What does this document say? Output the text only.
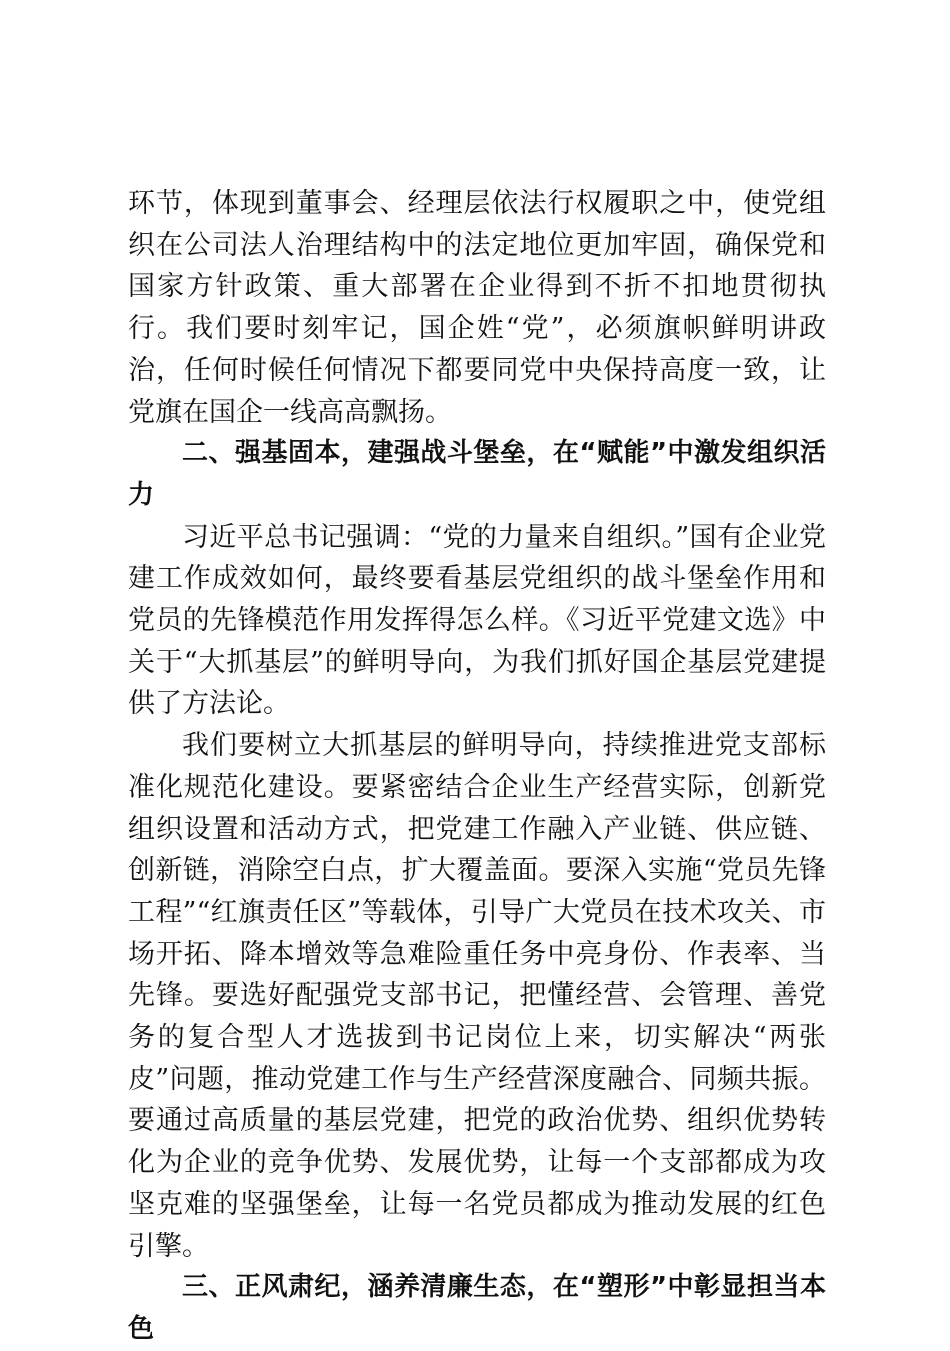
环节，体现到董事会、经理层依法行权履职之中，使党组织在公司法人治理结构中的法定地位更加牢固，确保党和国家方针政策、重大部署在企业得到不折不扣地贯彻执行。我们要时刻牢记，国企姓“党”，必须旗帜鲜明讲政治，任何时候任何情况下都要同党中央保持高度一致，让党旗在国企一线高高飘扬。

二、强基固本，建强战斗堡垒，在“赋能”中激发组织活力

习近平总书记强调：“党的力量来自组织。”国有企业党建工作成效如何，最终要看基层党组织的战斗堡垒作用和党员的先锋模范作用发挥得怎么样。《习近平党建文选》中关于“大抓基层”的鲜明导向，为我们抓好国企基层党建提供了方法论。

我们要树立大抓基层的鲜明导向，持续推进党支部标准化规范化建设。要紧密结合企业生产经营实际，创新党组织设置和活动方式，把党建工作融入产业链、供应链、创新链，消除空白点，扩大覆盖面。要深入实施“党员先锋工程”“红旗责任区”等载体，引导广大党员在技术攻关、市场开拓、降本增效等急难险重任务中亮身份、作表率、当先锋。要选好配强党支部书记，把懂经营、会管理、善党务的复合型人才选拔到书记岗位上来，切实解决“两张皮”问题，推动党建工作与生产经营深度融合、同频共振。要通过高质量的基层党建，把党的政治优势、组织优势转化为企业的竞争优势、发展优势，让每一个支部都成为攻坚克难的坚强堡垒，让每一名党员都成为推动发展的红色引擎。

三、正风肃纪，涵养清廉生态，在“塑形”中彰显担当本色
